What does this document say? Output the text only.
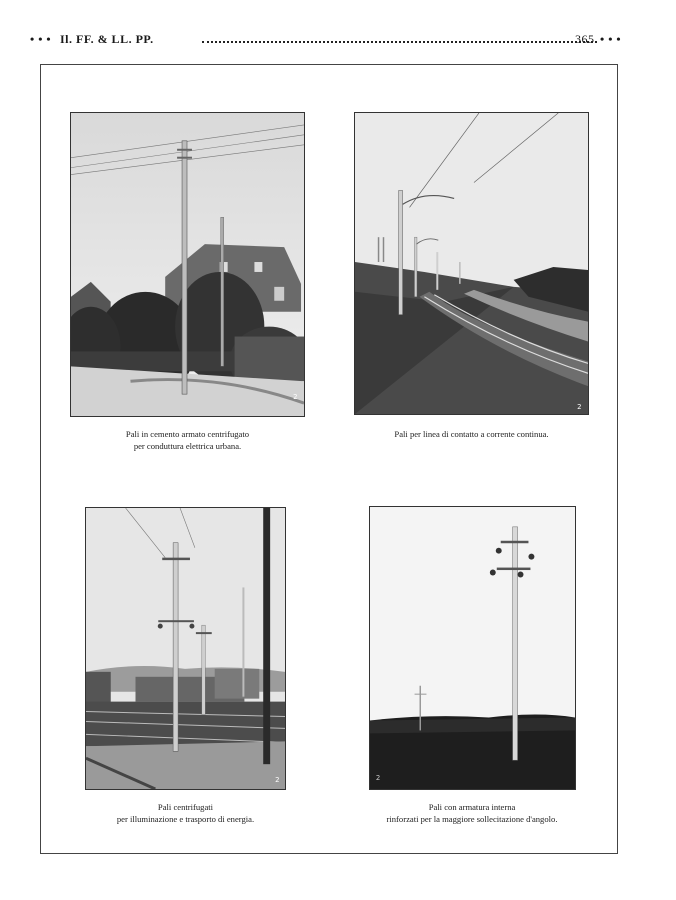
• • • Il. FF. & LL. PP.	365 • • •
2
Pali in cemento armato centrifugato
per conduttura elettrica urbana.
2
Pali per linea di contatto a corrente continua.
2
Pali centrifugati
per illuminazione e trasporto di energia.
2
Pali con armatura interna
rinforzati per la maggiore sollecitazione d'angolo.
